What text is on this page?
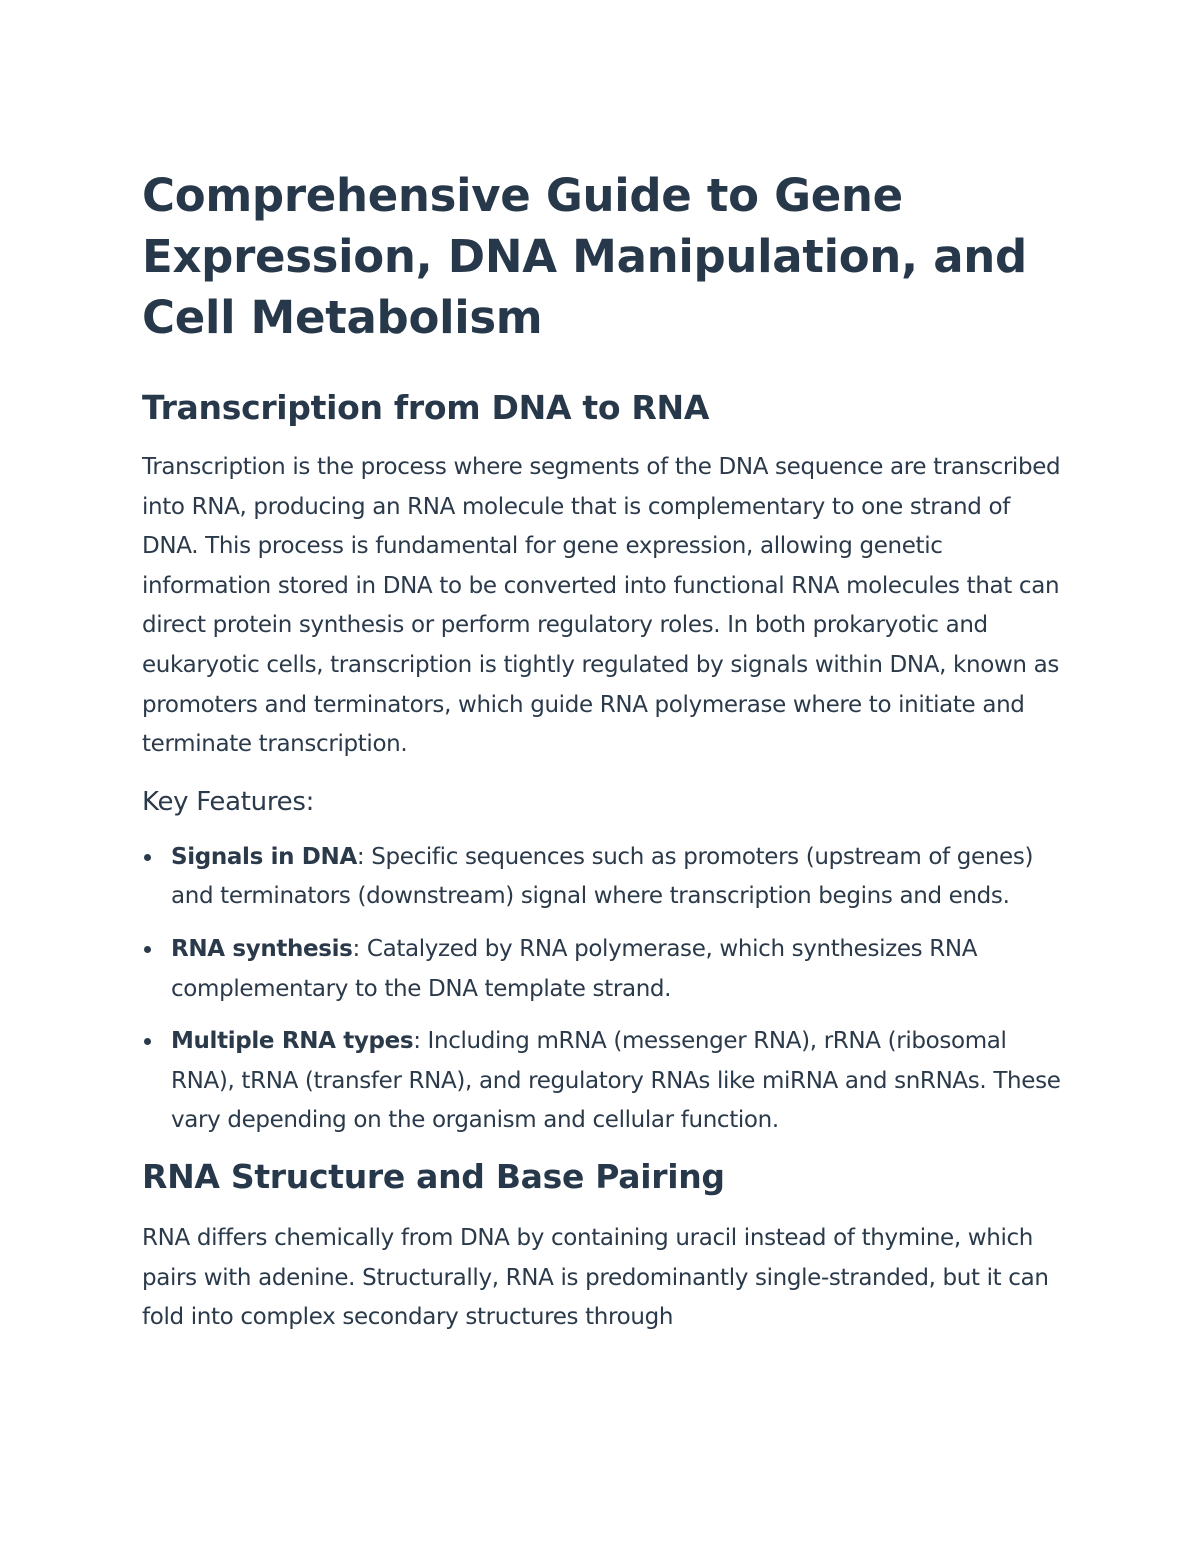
Comprehensive Guide to Gene Expression, DNA Manipulation, and Cell Metabolism
Transcription from DNA to RNA

Transcription is the process where segments of the DNA sequence are transcribed into RNA, producing an RNA molecule that is complementary to one strand of DNA. This process is fundamental for gene expression, allowing genetic information stored in DNA to be converted into functional RNA molecules that can direct protein synthesis or perform regulatory roles. In both prokaryotic and eukaryotic cells, transcription is tightly regulated by signals within DNA, known as promoters and terminators, which guide RNA polymerase where to initiate and terminate transcription.

Key Features:
Signals in DNA: Specific sequences such as promoters (upstream of genes) and terminators (downstream) signal where transcription begins and ends.
RNA synthesis: Catalyzed by RNA polymerase, which synthesizes RNA complementary to the DNA template strand.
Multiple RNA types: Including mRNA (messenger RNA), rRNA (ribosomal RNA), tRNA (transfer RNA), and regulatory RNAs like miRNA and snRNAs. These vary depending on the organism and cellular function.
RNA Structure and Base Pairing

RNA differs chemically from DNA by containing uracil instead of thymine, which pairs with adenine. Structurally, RNA is predominantly single-stranded, but it can fold into complex secondary structures through
